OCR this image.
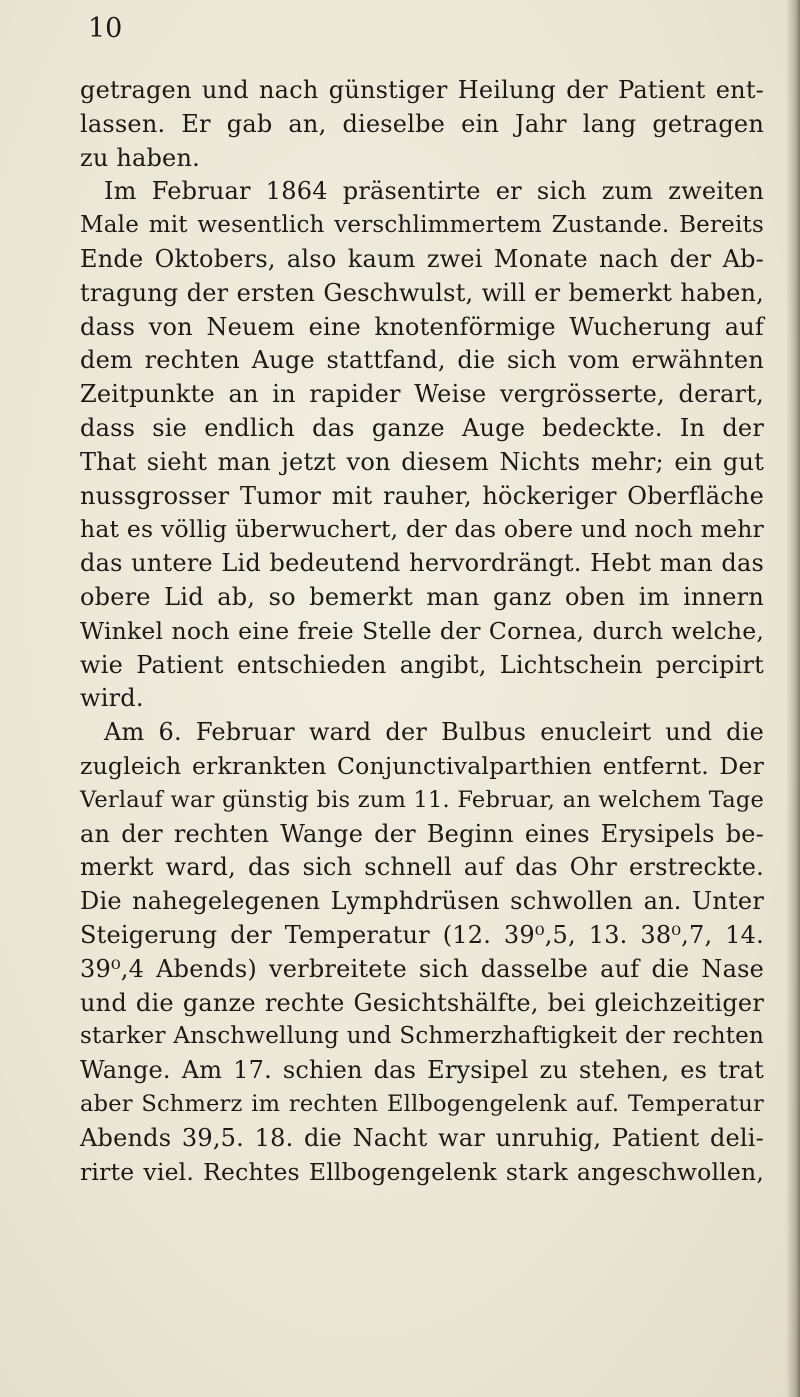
10
getragen und nach günstiger Heilung der Patient ent-
lassen. Er gab an, dieselbe ein Jahr lang getragen
zu haben.
Im Februar 1864 präsentirte er sich zum zweiten
Male mit wesentlich verschlimmertem Zustande. Bereits
Ende Oktobers, also kaum zwei Monate nach der Ab-
tragung der ersten Geschwulst, will er bemerkt haben,
dass von Neuem eine knotenförmige Wucherung auf
dem rechten Auge stattfand, die sich vom erwähnten
Zeitpunkte an in rapider Weise vergrösserte, derart,
dass sie endlich das ganze Auge bedeckte. In der
That sieht man jetzt von diesem Nichts mehr; ein gut
nussgrosser Tumor mit rauher, höckeriger Oberfläche
hat es völlig überwuchert, der das obere und noch mehr
das untere Lid bedeutend hervordrängt. Hebt man das
obere Lid ab, so bemerkt man ganz oben im innern
Winkel noch eine freie Stelle der Cornea, durch welche,
wie Patient entschieden angibt, Lichtschein percipirt
wird.
Am 6. Februar ward der Bulbus enucleirt und die
zugleich erkrankten Conjunctivalparthien entfernt. Der
Verlauf war günstig bis zum 11. Februar, an welchem Tage
an der rechten Wange der Beginn eines Erysipels be-
merkt ward, das sich schnell auf das Ohr erstreckte.
Die nahegelegenen Lymphdrüsen schwollen an. Unter
Steigerung der Temperatur (12. 39⁰,5, 13. 38⁰,7, 14.
39⁰,4 Abends) verbreitete sich dasselbe auf die Nase
und die ganze rechte Gesichtshälfte, bei gleichzeitiger
starker Anschwellung und Schmerzhaftigkeit der rechten
Wange. Am 17. schien das Erysipel zu stehen, es trat
aber Schmerz im rechten Ellbogengelenk auf. Temperatur
Abends 39,5. 18. die Nacht war unruhig, Patient deli-
rirte viel. Rechtes Ellbogengelenk stark angeschwollen,
